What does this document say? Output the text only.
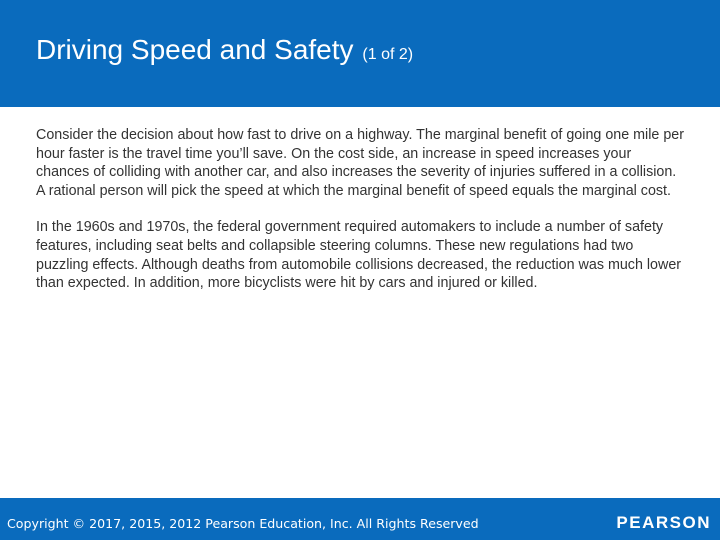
Driving Speed and Safety (1 of 2)

Consider the decision about how fast to drive on a highway. The marginal benefit of going one mile per hour faster is the travel time you’ll save. On the cost side, an increase in speed increases your chances of colliding with another car, and also increases the severity of injuries suffered in a collision. A rational person will pick the speed at which the marginal benefit of speed equals the marginal cost.

In the 1960s and 1970s, the federal government required automakers to include a number of safety features, including seat belts and collapsible steering columns. These new regulations had two puzzling effects. Although deaths from automobile collisions decreased, the reduction was much lower than expected. In addition, more bicyclists were hit by cars and injured or killed.

Copyright © 2017, 2015, 2012 Pearson Education, Inc. All Rights Reserved	PEARSON
